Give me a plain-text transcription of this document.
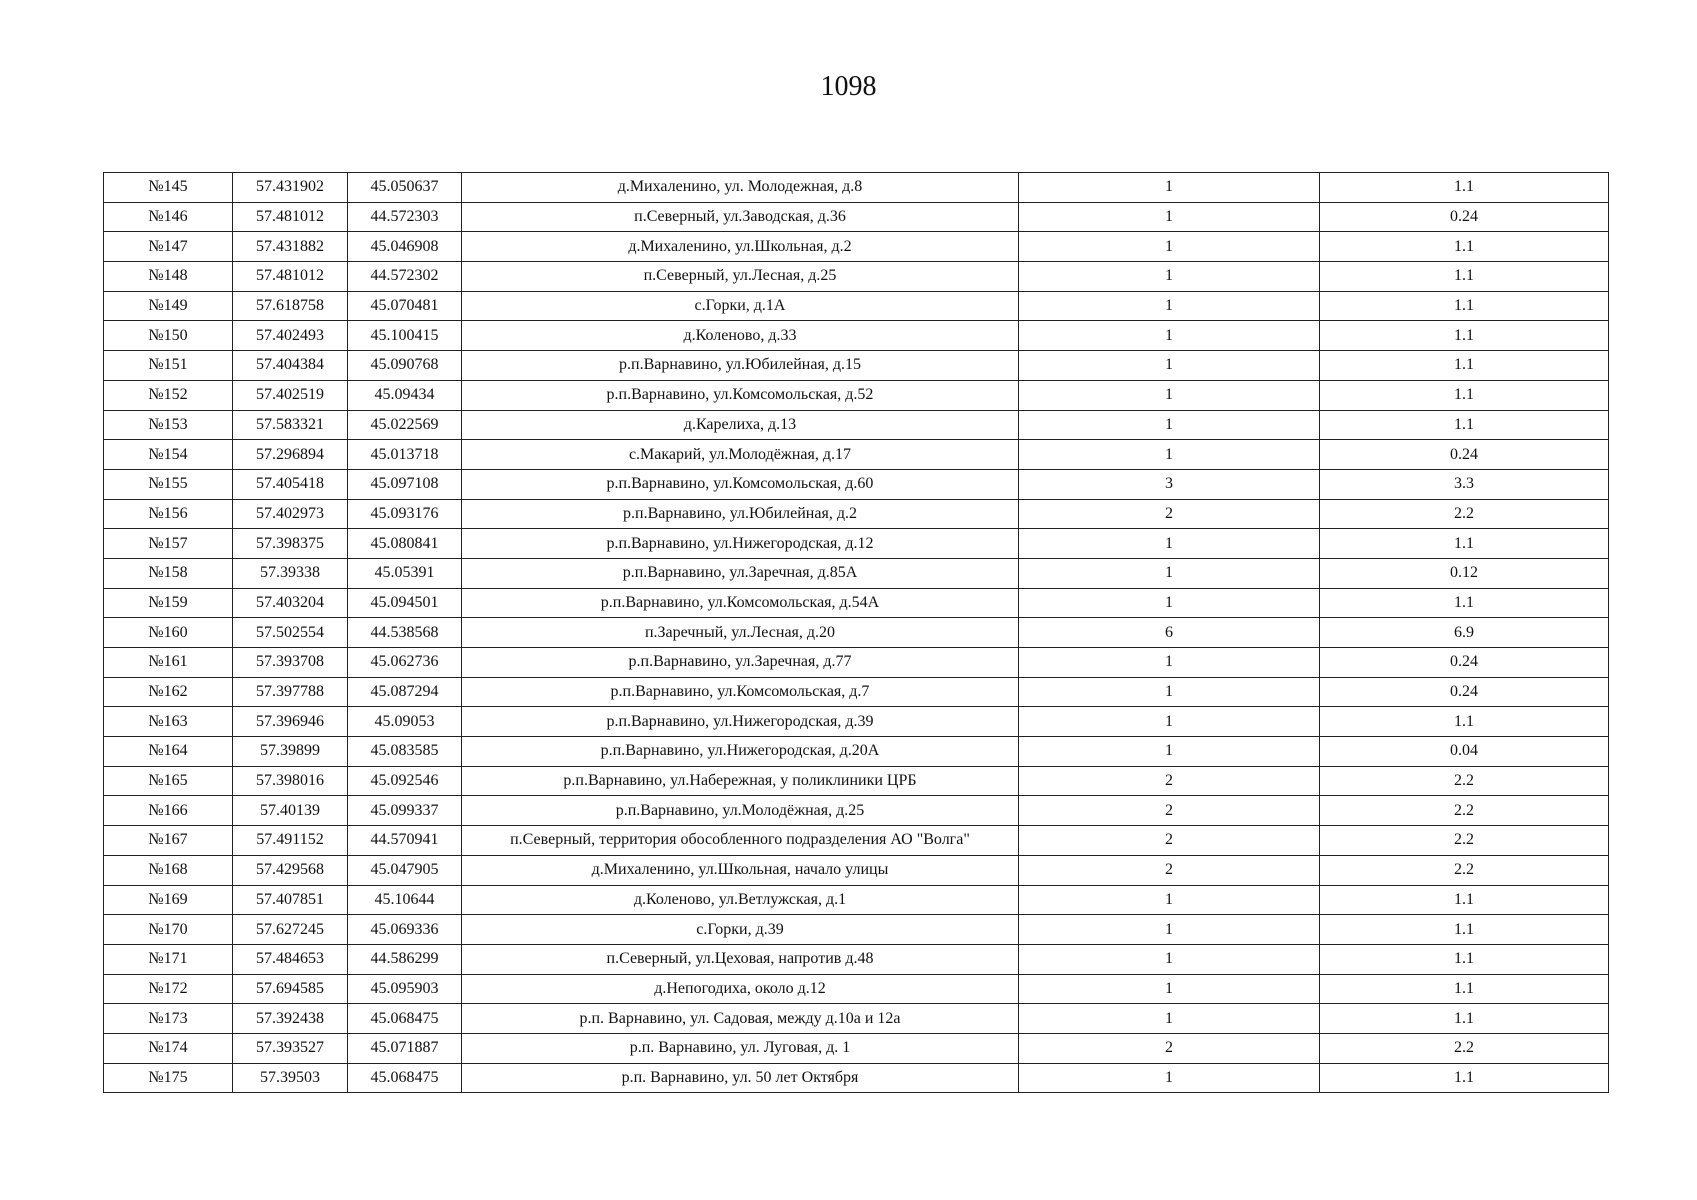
1098
№145	57.431902	45.050637	д.Михаленино, ул. Молодежная, д.8	1	1.1
№146	57.481012	44.572303	п.Северный, ул.Заводская, д.36	1	0.24
№147	57.431882	45.046908	д.Михаленино, ул.Школьная, д.2	1	1.1
№148	57.481012	44.572302	п.Северный, ул.Лесная, д.25	1	1.1
№149	57.618758	45.070481	с.Горки, д.1А	1	1.1
№150	57.402493	45.100415	д.Коленово, д.33	1	1.1
№151	57.404384	45.090768	р.п.Варнавино, ул.Юбилейная, д.15	1	1.1
№152	57.402519	45.09434	р.п.Варнавино, ул.Комсомольская, д.52	1	1.1
№153	57.583321	45.022569	д.Карелиха, д.13	1	1.1
№154	57.296894	45.013718	с.Макарий, ул.Молодёжная, д.17	1	0.24
№155	57.405418	45.097108	р.п.Варнавино, ул.Комсомольская, д.60	3	3.3
№156	57.402973	45.093176	р.п.Варнавино, ул.Юбилейная, д.2	2	2.2
№157	57.398375	45.080841	р.п.Варнавино, ул.Нижегородская, д.12	1	1.1
№158	57.39338	45.05391	р.п.Варнавино, ул.Заречная, д.85А	1	0.12
№159	57.403204	45.094501	р.п.Варнавино, ул.Комсомольская, д.54А	1	1.1
№160	57.502554	44.538568	п.Заречный, ул.Лесная, д.20	6	6.9
№161	57.393708	45.062736	р.п.Варнавино, ул.Заречная, д.77	1	0.24
№162	57.397788	45.087294	р.п.Варнавино, ул.Комсомольская, д.7	1	0.24
№163	57.396946	45.09053	р.п.Варнавино, ул.Нижегородская, д.39	1	1.1
№164	57.39899	45.083585	р.п.Варнавино, ул.Нижегородская, д.20А	1	0.04
№165	57.398016	45.092546	р.п.Варнавино, ул.Набережная, у поликлиники ЦРБ	2	2.2
№166	57.40139	45.099337	р.п.Варнавино, ул.Молодёжная, д.25	2	2.2
№167	57.491152	44.570941	п.Северный, территория обособленного подразделения АО "Волга"	2	2.2
№168	57.429568	45.047905	д.Михаленино, ул.Школьная, начало улицы	2	2.2
№169	57.407851	45.10644	д.Коленово, ул.Ветлужская, д.1	1	1.1
№170	57.627245	45.069336	с.Горки, д.39	1	1.1
№171	57.484653	44.586299	п.Северный, ул.Цеховая, напротив д.48	1	1.1
№172	57.694585	45.095903	д.Непогодиха, около д.12	1	1.1
№173	57.392438	45.068475	р.п. Варнавино, ул. Садовая, между д.10а и 12а	1	1.1
№174	57.393527	45.071887	р.п. Варнавино, ул. Луговая, д. 1	2	2.2
№175	57.39503	45.068475	р.п. Варнавино, ул. 50 лет Октября	1	1.1
